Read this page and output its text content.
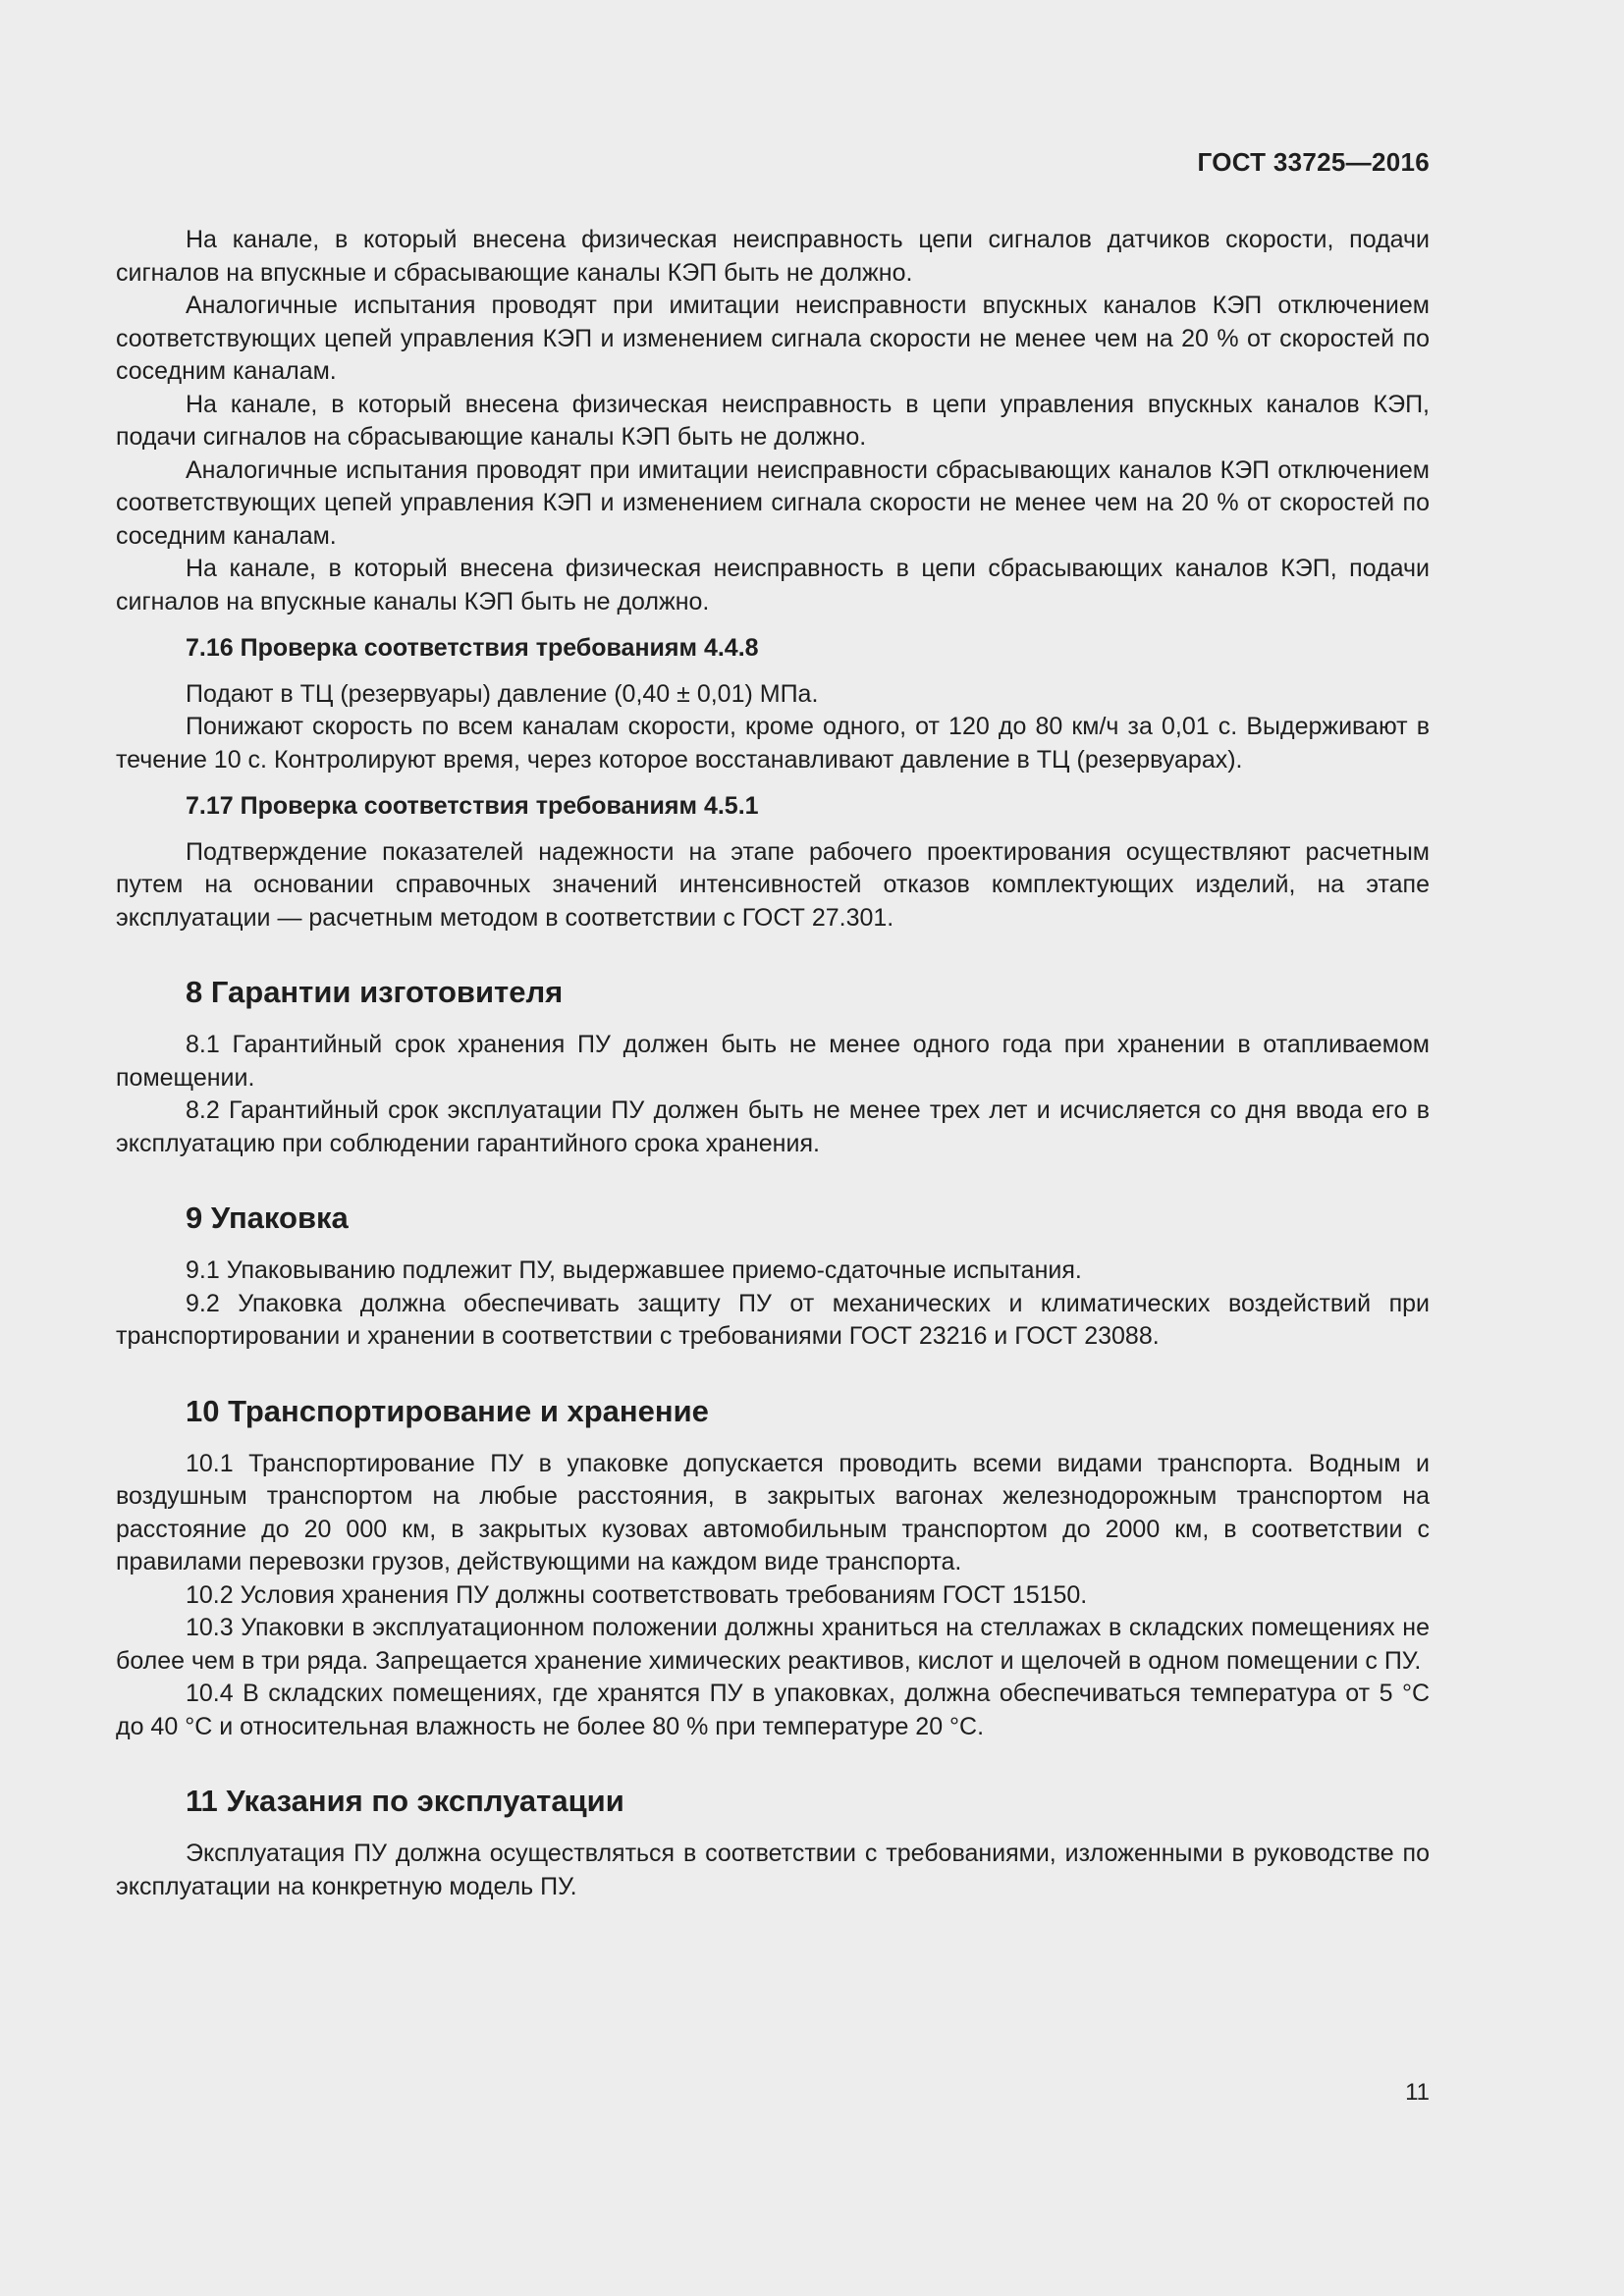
ГОСТ 33725—2016

На канале, в который внесена физическая неисправность цепи сигналов датчиков скорости, подачи сигналов на впускные и сбрасывающие каналы КЭП быть не должно.

Аналогичные испытания проводят при имитации неисправности впускных каналов КЭП отключением соответствующих цепей управления КЭП и изменением сигнала скорости не менее чем на 20 % от скоростей по соседним каналам.

На канале, в который внесена физическая неисправность в цепи управления впускных каналов КЭП, подачи сигналов на сбрасывающие каналы КЭП быть не должно.

Аналогичные испытания проводят при имитации неисправности сбрасывающих каналов КЭП отключением соответствующих цепей управления КЭП и изменением сигнала скорости не менее чем на 20 % от скоростей по соседним каналам.

На канале, в который внесена физическая неисправность в цепи сбрасывающих каналов КЭП, подачи сигналов на впускные каналы КЭП быть не должно.

7.16 Проверка соответствия требованиям 4.4.8

Подают в ТЦ (резервуары) давление (0,40 ± 0,01) МПа.

Понижают скорость по всем каналам скорости, кроме одного, от 120 до 80 км/ч за 0,01 с. Выдерживают в течение 10 с. Контролируют время, через которое восстанавливают давление в ТЦ (резервуарах).

7.17 Проверка соответствия требованиям 4.5.1

Подтверждение показателей надежности на этапе рабочего проектирования осуществляют расчетным путем на основании справочных значений интенсивностей отказов комплектующих изделий, на этапе эксплуатации — расчетным методом в соответствии с ГОСТ 27.301.

8 Гарантии изготовителя

8.1 Гарантийный срок хранения ПУ должен быть не менее одного года при хранении в отапливаемом помещении.

8.2 Гарантийный срок эксплуатации ПУ должен быть не менее трех лет и исчисляется со дня ввода его в эксплуатацию при соблюдении гарантийного срока хранения.

9 Упаковка

9.1 Упаковыванию подлежит ПУ, выдержавшее приемо-сдаточные испытания.

9.2 Упаковка должна обеспечивать защиту ПУ от механических и климатических воздействий при транспортировании и хранении в соответствии с требованиями ГОСТ 23216 и ГОСТ 23088.

10 Транспортирование и хранение

10.1 Транспортирование ПУ в упаковке допускается проводить всеми видами транспорта. Водным и воздушным транспортом на любые расстояния, в закрытых вагонах железнодорожным транспортом на расстояние до 20 000 км, в закрытых кузовах автомобильным транспортом до 2000 км, в соответствии с правилами перевозки грузов, действующими на каждом виде транспорта.

10.2 Условия хранения ПУ должны соответствовать требованиям ГОСТ 15150.

10.3 Упаковки в эксплуатационном положении должны храниться на стеллажах в складских помещениях не более чем в три ряда. Запрещается хранение химических реактивов, кислот и щелочей в одном помещении с ПУ.

10.4 В складских помещениях, где хранятся ПУ в упаковках, должна обеспечиваться температура от 5 °С до 40 °С и относительная влажность не более 80 % при температуре 20 °С.

11 Указания по эксплуатации

Эксплуатация ПУ должна осуществляться в соответствии с требованиями, изложенными в руководстве по эксплуатации на конкретную модель ПУ.

11
